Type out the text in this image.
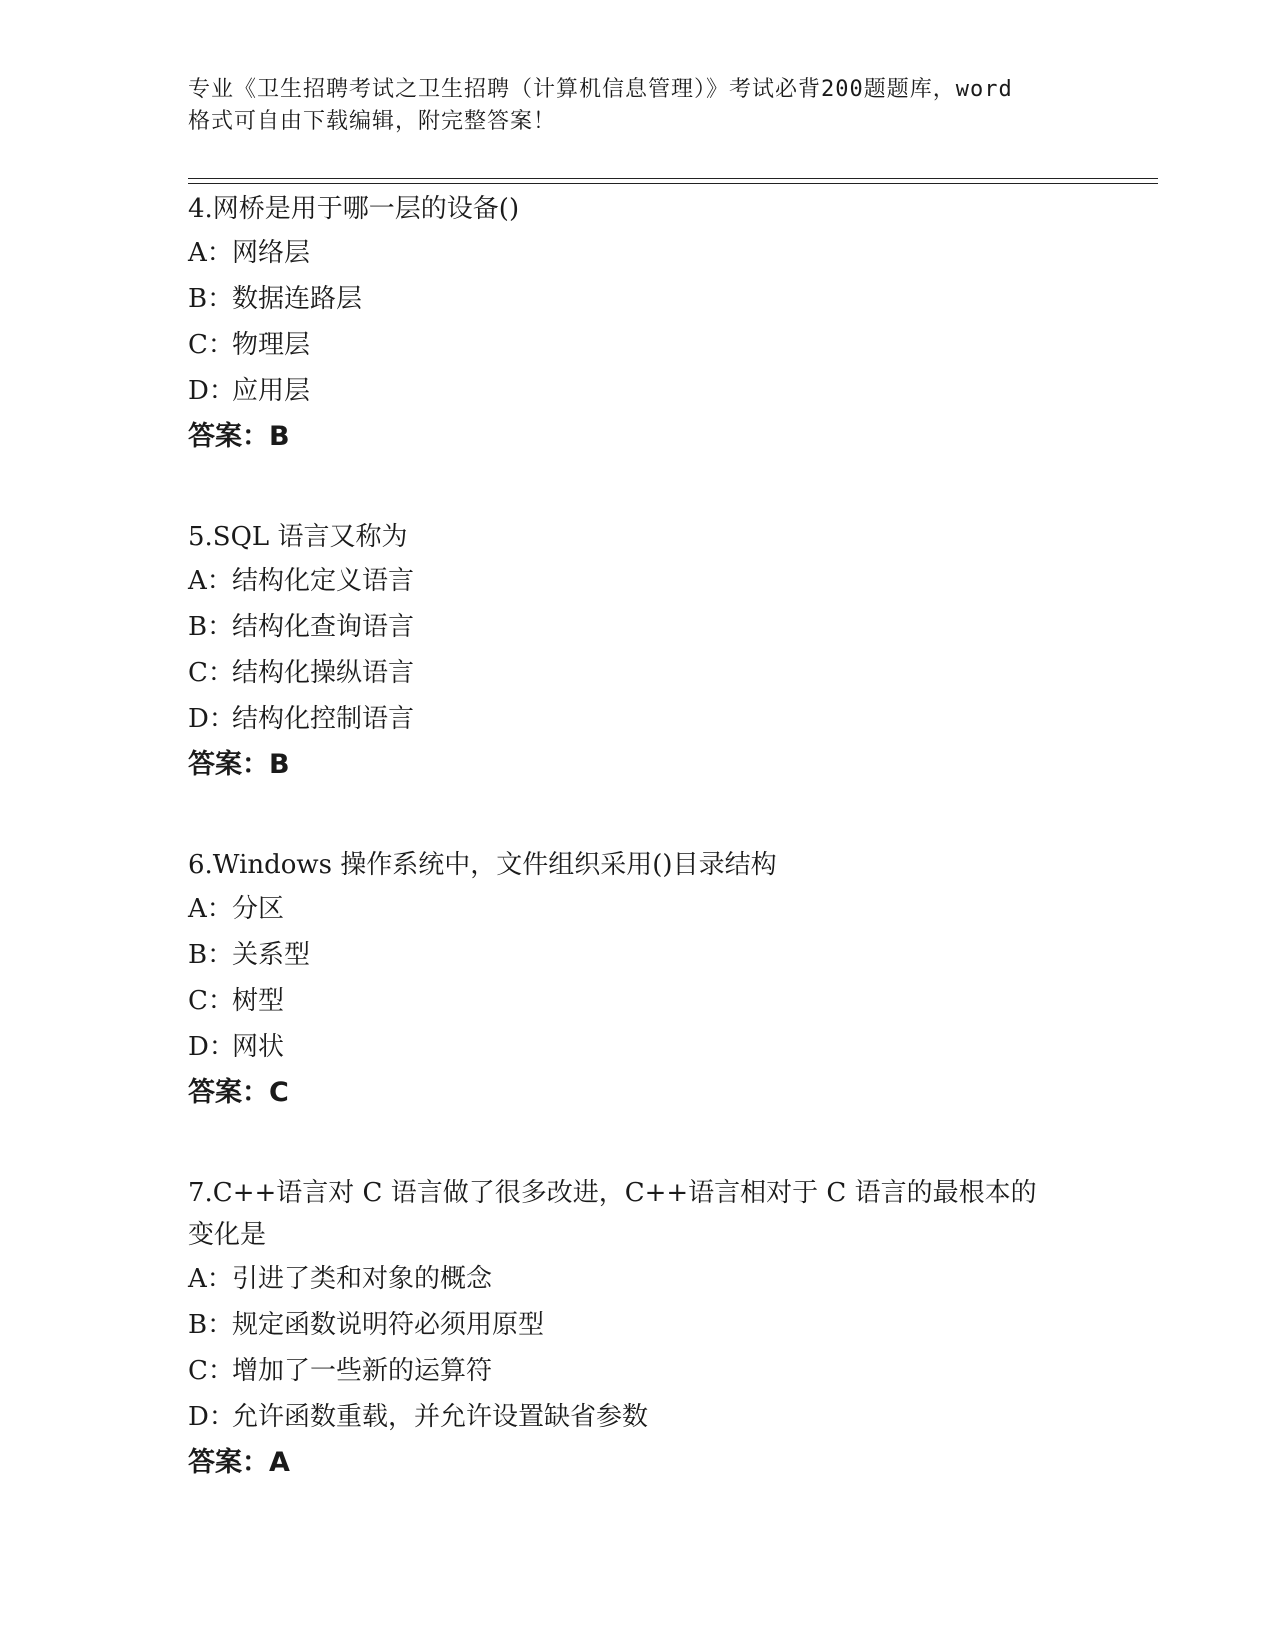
专业《卫生招聘考试之卫生招聘（计算机信息管理）》考试必背200题题库，word
格式可自由下载编辑，附完整答案！

4.网桥是用于哪一层的设备()

A： 网络层
B：
数据连路层
C：
物理层
D：
应用层
答案：B

5.SQL 语言又称为

A： 结构化定义语言
B：
结构化查询语言
C：
结构化操纵语言
D：
结构化控制语言
答案：B

6.Windows 操作系统中，文件组织采用()目录结构

A： 分区
B：
关系型
C：
树型
D：
网状
答案：C

7.C++语言对 C 语言做了很多改进，C++语言相对于 C 语言的最根本的

变化是

A： 引进了类和对象的概念
B：
规定函数说明符必须用原型
C：
增加了一些新的运算符
D：
允许函数重载，并允许设置缺省参数
答案：A
